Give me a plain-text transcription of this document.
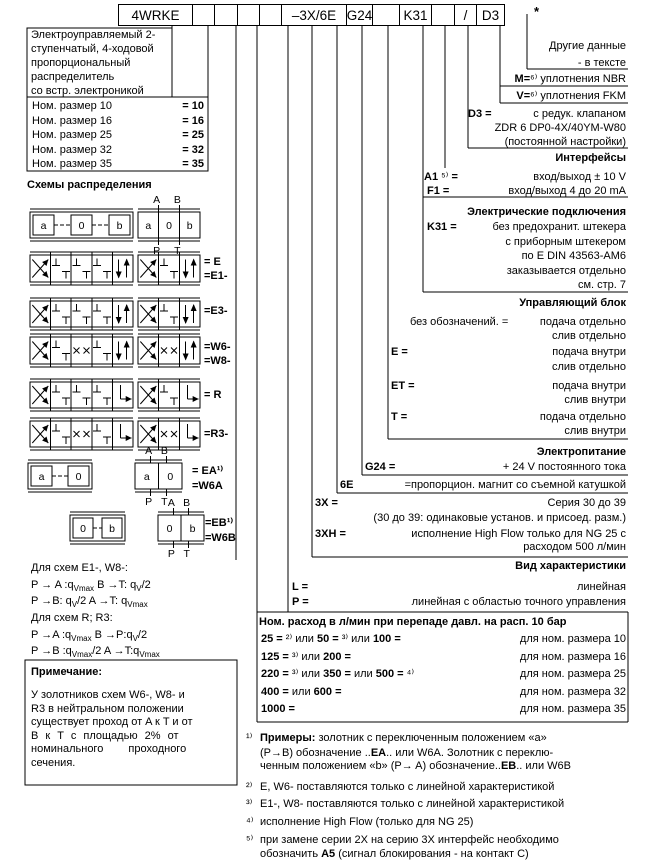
a	0	b a 0 b
A
P
B
T
a	0	a 0
A
P
B
T
0 b	0 b
A
P
B
T
4WRKE	–3X/6E G24	K31	/	D3	*
Электроуправляемый 2-
ступенчатый, 4-ходовой
пропорциональный
распределитель
со встр. электроникой
Ном. размер 10	= 10
Ном. размер 16	= 16
Ном. размер 25	= 25
Ном. размер 32	= 32
Ном. размер 35	= 35
Схемы распределения
= E
=E1-
=E3-
=W6-
=W8-
= R
=R3-
= EA¹⁾
=W6A
=EB¹⁾
=W6B
Для схем E1-, W8-:
P → A $:q_{Vmax}$ B →T: $q_V/2$
P →B: $q_V/2$ A →T: $q_{Vmax}$
Для схем R; R3:
P →A $:q_{Vmax}$ $B \to P:q_V/2$
P →B $:q_{Vmax}/2$ $A \to T:q_{Vmax}$
Примечание:
У золотников схем W6-, W8- и
R3 в нейтральном положении
существует проход от A к T и от
B к T с площадью 2% от
номинального проходного
сечения.
Другие данные
- в тексте
M=⁶⁾ уплотнения NBR
V=⁶⁾ уплотнения FKM
D3 =	с редук. клапаном
ZDR 6 DP0-4X/40YM-W80
(постоянной настройки)
Интерфейсы
A1 ⁵⁾ =	вход/выход ± 10 V
F1 =	вход/выход 4 до 20 mA
Электрические подключения
K31 =	без предохранит. штекера
с приборным штекером
по E DIN 43563-AM6
заказывается отдельно
см. стр. 7
Управляющий блок
без обозначений. =	подача отдельно
слив отдельно
E =	подача внутри
слив отдельно
ET =	подача внутри
слив внутри
T =	подача отдельно
слив внутри
Электропитание
G24 =	+ 24 V постоянного тока
6E	=пропорцион. магнит со съемной катушкой
3X =	Серия 30 до 39
(30 до 39: одинаковые установ. и присоед. разм.)
3XH =	исполнение High Flow только для NG 25 с
расходом 500 л/мин
Вид характеристики
L =	линейная
P =	линейная с областью точного управления
Ном. расход в л/мин при перепаде давл. на расп. 10 бар
25 = ²⁾ или 50 = ³⁾ или 100 =	для ном. размера 10
125 = ³⁾ или 200 =	для ном. размера 16
220 = ³⁾ или 350 = или 500 = ⁴⁾	для ном. размера 25
400 = или 600 =	для ном. размера 32
1000 =	для ном. размера 35
¹⁾ Примеры: золотник с переключенным положением «a»
(P→B) обозначение ..EA.. или W6A. Золотник с переклю-
ченным положением «b» (P→ A) обозначение..EB.. или W6B
²⁾ E, W6- поставляются только с линейной характеристикой
³⁾ E1-, W8- поставляются только с линейной характеристикой
⁴⁾ исполнение High Flow (только для NG 25)
⁵⁾ при замене серии 2X на серию 3X интерфейс необходимо
обозначить A5 (сигнал блокирования - на контакт C)
